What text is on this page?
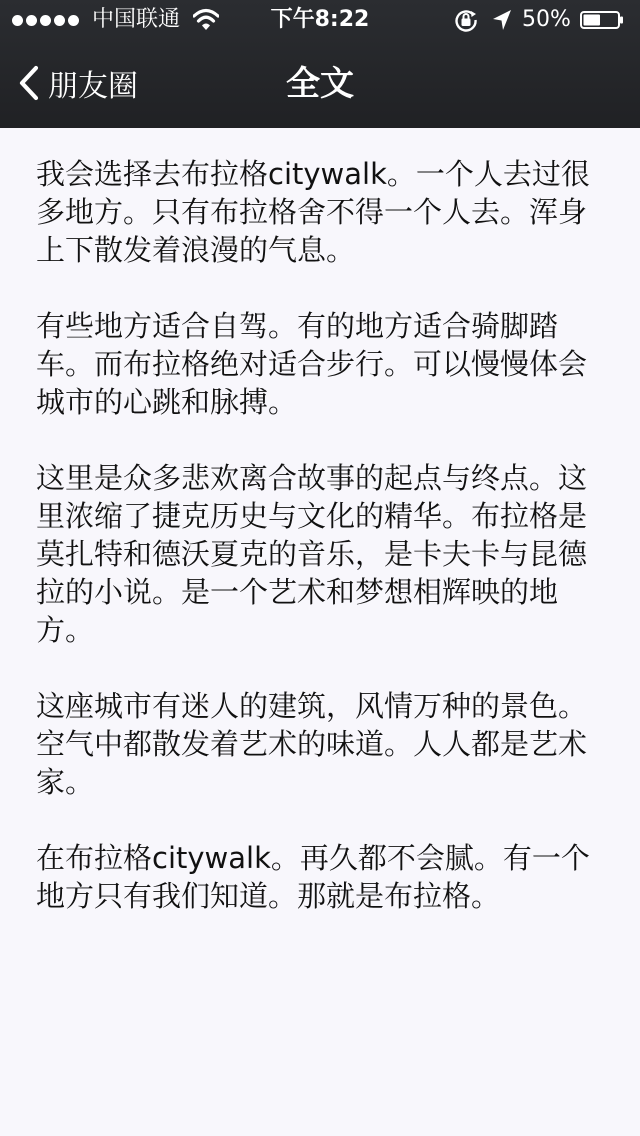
中国联通	下午8:22	50%
朋友圈	全文

我会选择去布拉格citywalk。一个人去过很多地方。只有布拉格舍不得一个人去。浑身上下散发着浪漫的气息。

有些地方适合自驾。有的地方适合骑脚踏车。而布拉格绝对适合步行。可以慢慢体会城市的心跳和脉搏。

这里是众多悲欢离合故事的起点与终点。这里浓缩了捷克历史与文化的精华。布拉格是莫扎特和德沃夏克的音乐，是卡夫卡与昆德拉的小说。是一个艺术和梦想相辉映的地方。

这座城市有迷人的建筑，风情万种的景色。空气中都散发着艺术的味道。人人都是艺术家。

在布拉格citywalk。再久都不会腻。有一个地方只有我们知道。那就是布拉格。
